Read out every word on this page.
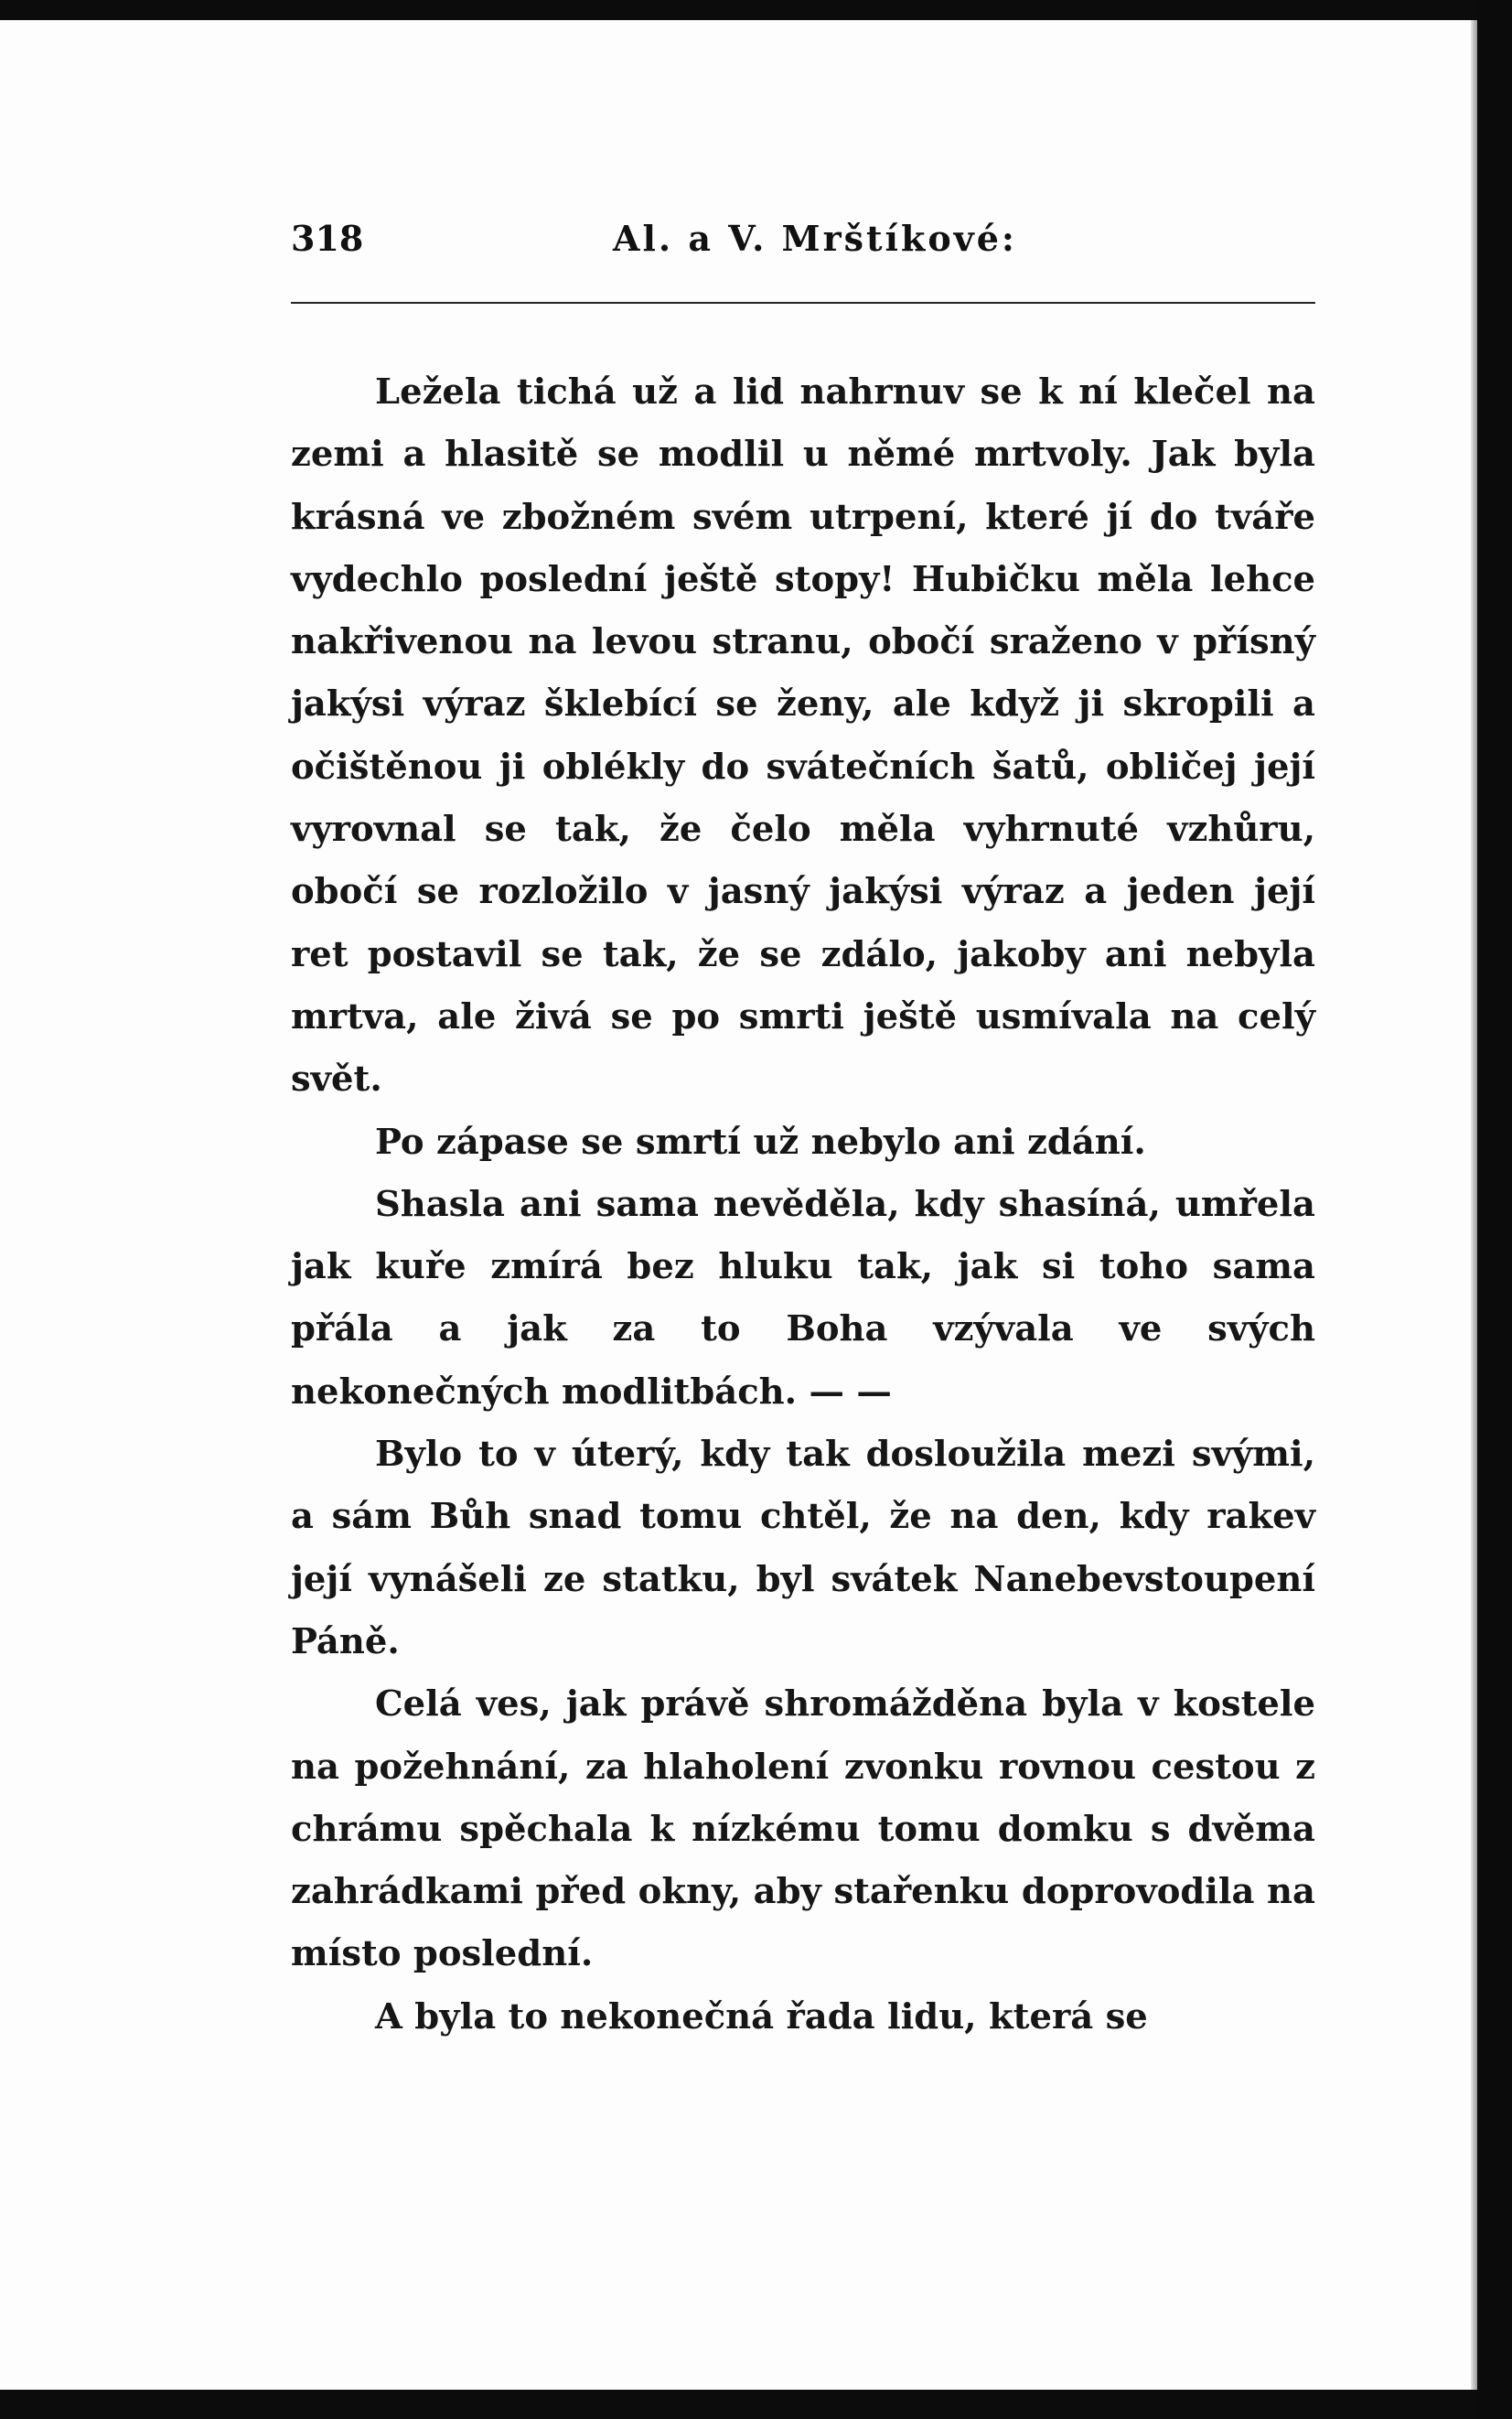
318	Al. a V. Mrštíkové:

Ležela tichá už a lid nahrnuv se k ní klečel na zemi a hlasitě se modlil u němé mrtvoly. Jak byla krásná ve zbožném svém utrpení, které jí do tváře vydechlo poslední ještě stopy! Hubičku měla lehce nakřivenou na levou stranu, obočí sraženo v přísný jakýsi výraz šklebící se ženy, ale když ji skropili a očištěnou ji oblékly do svátečních šatů, obličej její vyrovnal se tak, že čelo měla vyhrnuté vzhůru, obočí se rozložilo v jasný jakýsi výraz a jeden její ret postavil se tak, že se zdálo, jakoby ani nebyla mrtva, ale živá se po smrti ještě usmívala na celý svět.

Po zápase se smrtí už nebylo ani zdání.

Shasla ani sama nevěděla, kdy shasíná, umřela jak kuře zmírá bez hluku tak, jak si toho sama přála a jak za to Boha vzývala ve svých nekonečných modlitbách. — —

Bylo to v úterý, kdy tak dosloužila mezi svými, a sám Bůh snad tomu chtěl, že na den, kdy rakev její vynášeli ze statku, byl svátek Nanebevstoupení Páně.

Celá ves, jak právě shromážděna byla v kostele na požehnání, za hlaholení zvonku rovnou cestou z chrámu spěchala k nízkému tomu domku s dvěma zahrádkami před okny, aby stařenku doprovodila na místo poslední.

A byla to nekonečná řada lidu, která se
